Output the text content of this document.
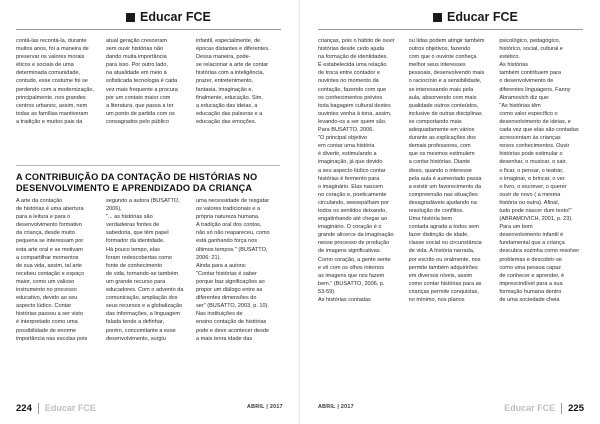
Educar FCE

contá-las recontá-la, durante

muitos anos, foi a maneira de

preservar os valores morais

éticos e sociais de uma

determinada comunidade,

contudo, esse costume foi se

perdendo com a modernização,

principalmente, nos grandes

centros urbanos, assim, nem

todas as famílias mantiveram

a tradição e muitos pais da

atual geração cresceram

sem ouvir histórias não

dando muita importância

para isso. Por outro lado,

na atualidade em meio à

sofisticada tecnologia é cada

vez mais frequente a procura

por um contato maior com

a literatura, que passa a ter

um ponto de partida com os

consagrados pelo público

infantil, especialmente, de

épocas distantes e diferentes.

Dessa maneira, pode-

se relacionar a arte de contar

histórias com a inteligência,

prazer, entretenimento,

fantasia, imaginação e,

finalmente, educação. Sim,

a educação das ideias, a

educação das palavras e a

educação das emoções.

A CONTRIBUIÇÃO DA CONTAÇÃO DE HISTÓRIAS NO DESENVOLVIMENTO E APRENDIZADO DA CRIANÇA

A arte da contação

de histórias é uma abertura

para a leitura e para o

desenvolvimento formativo

da criança, desde muito

pequena se interessam por

esta arte oral e se motivam

a compartilhar momentos

de sua vida, assim, tal arte

recebeu contação e espaço

maior, como um valioso

instrumento no processo

educativo, devido ao seu

aspecto lúdico. Contar

histórias passou a ser visto

é interpretado como uma

possibilidade de enorme

importância nas escolas pois

segundo a autora (BUSATTO,

2006),

"... as histórias são

verdadeiras fontes de

sabedoria, que têm papel

formador da identidade.

Há pouco tempo, elas

foram redescobertas como

fonte de conhecimento

de vida, tornando-se também

um grande recurso para

educadores. Com o advento da

comunicação, ampliação dos

seus recursos e a globalização

das informações, a linguagem

falada tende a definhar,

porém, concomitante a esse

desenvolvimento, surgiu

uma necessidade de resgatar

os valores tradicionais e a

própria natureza humana.

A tradição oral dos contos,

não só não reapareceu, como

está ganhando força nos

últimos tempos." (BUSATTO,

2006: 21).

Ainda para a autora:

"Contar histórias é saber

porque baz significações ao

propor um diálogo entre as

diferentes dimensões do

ser" (BUSATTO, 2003, p. 10).

Nas instituições de

ensino contação de histórias

pode e deve acontecer desde

a mais tenra idade das

224 Educar FCE	ABRIL | 2017
Educar FCE

crianças, pois o hábito de ouvir

histórias desde cedo ajuda

na formação de identidades.

É estabelecida uma relação

de troca entre contador e

ouvintes no momento da

contação, fazendo com que

os conhecimentos prévios

toda bagagem cultural destes

ouvintes venha à tona, assim,

levando-os a ser quem são.

Para BUSATTO, 2006.

"O principal objetivo

em contar uma história

é divertir, estimulando a

imaginação, já que devido

a seu aspecto lúdico contar

histórias é fermento para

o imaginário. Elas nascem

no coração e, poeticamente

circulando, seesepalham por

todos os sentidos deixando,

engatinhando até chegar ao

imaginário. O coração é o

grande alicerce da imaginação

nesse processo de produção

de imagens significativas.

Como coração, a gente sente

e vê com os olhos internos

as imagens que nos fazem

bem." (BUSATTO, 2006, p.

53-59).

As histórias contadas

ou lidas podem atingir também

outros objetivos, fazendo

com que o ouvinte conheça

melhor seus interesses

pessoais, desenvolvendo mais

o raciocínio e a sensibilidade,

se interessando mais pela

aula, absorvendo com mais

qualidade outros conteúdos,

inclusive de outras disciplinas

se comportando mais

adequadamente em vários

durante as explicações dos

demais professores, com

que os mesmos estimulem

a contar histórias. Diante

disso, quando o interesse

pela aula é aumentado passa

a existir um favorecimento da

compreensão nas situações

desagradáveis ajudando na

resolução de conflitos.

Uma história bem

contada agrada a todos sem

fazer distinção de idade,

classe social ou circunstância

de vida. A história narrada,

por escrito ou oralmente, nos

permite também adquirirões

em diversos níveis, assim

como contar histórias para as

crianças permite conquistas,

no mínimo, nos planos

psicológico, pedagógico,

histórico, social, cultural e

estético.

As histórias

também contribuem para

o desenvolvimento de

diferentes linguagens, Fanny

Abramovich diz que:

"As histórias têm

como valor específico o

desenvolvimento de ideias, e

cada vez que elas são contadas

acrescentam às crianças

novos conhecimentos. Ouvir

histórias pode estimular o

desenhar, o musicar, o sair,

o ficar, o pensar, o teatrar,

o imaginar, o brincar, o ver

o livro, o escrever, o querer

ouvir de novo ( a mesma

história ou outra). Afinal,

tudo pode nascer dum texto!"

(ABRAMOVICH, 2001, p. 23).

Para um bom

desenvolvimento infantil é

fundamental que a criança

descubra sozinha como resolver

problemas e descobrir-se

como uma pessoa capaz

de conhecer e aprender, é

imprescindível para a sua

formação humana dentro

de uma sociedade cheia

ABRIL | 2017	Educar FCE 225
